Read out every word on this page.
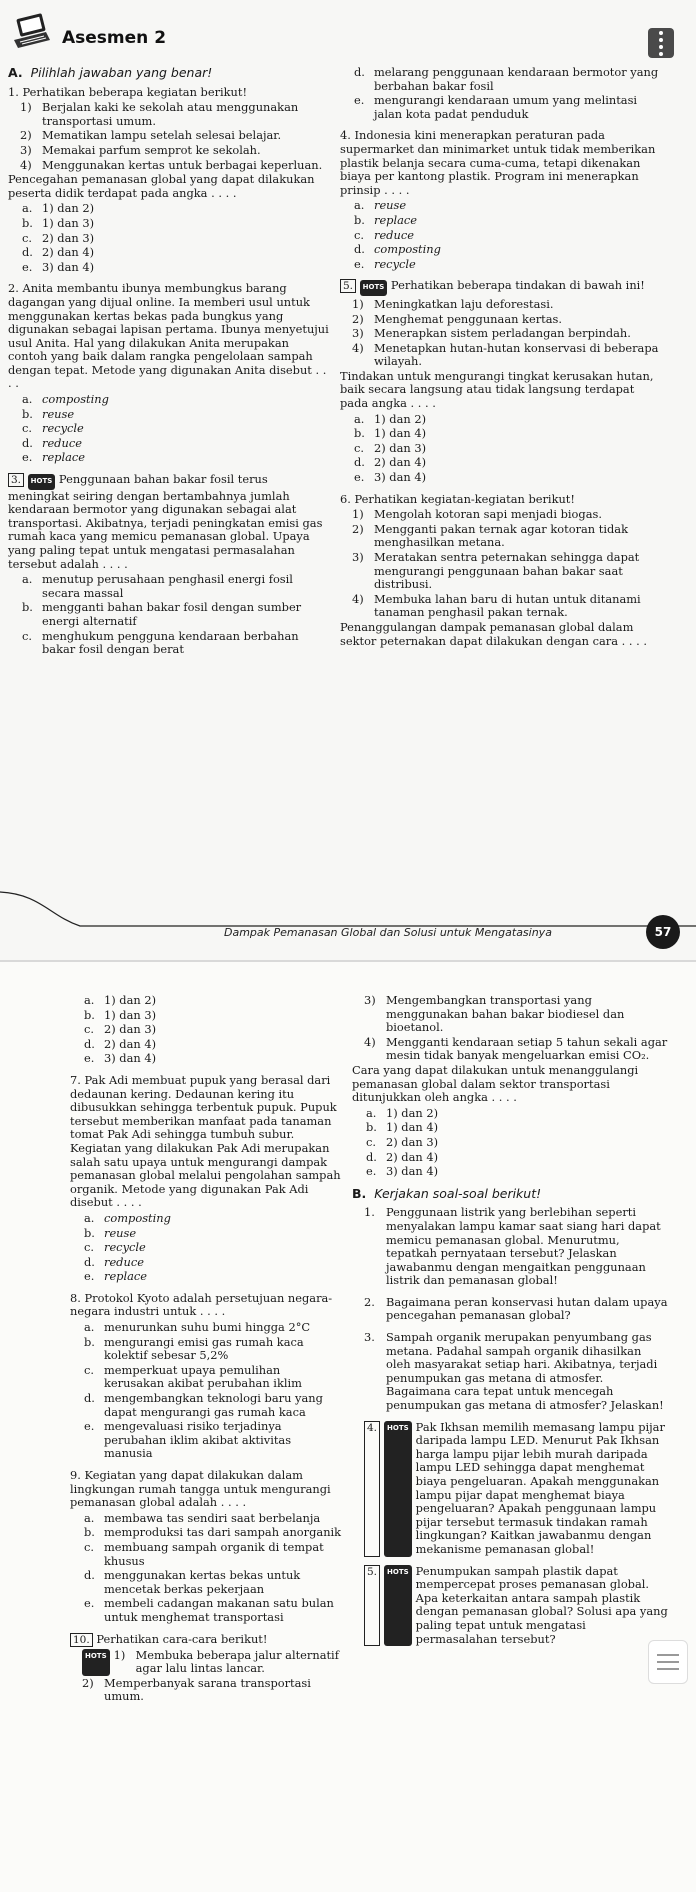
Asesmen 2
A. Pilihlah jawaban yang benar!

1. Perhatikan beberapa kegiatan berikut!

1) Berjalan kaki ke sekolah atau menggunakan transportasi umum.
2) Mematikan lampu setelah selesai belajar.
3) Memakai parfum semprot ke sekolah.
4) Menggunakan kertas untuk berbagai keperluan.

Pencegahan pemanasan global yang dapat dilakukan peserta didik terdapat pada angka . . . .

a. 1) dan 2)
b. 1) dan 3)
c. 2) dan 3)
d. 2) dan 4)
e. 3) dan 4)

2. Anita membantu ibunya membungkus barang dagangan yang dijual online. Ia memberi usul untuk menggunakan kertas bekas pada bungkus yang digunakan sebagai lapisan pertama. Ibunya menyetujui usul Anita. Hal yang dilakukan Anita merupakan contoh yang baik dalam rangka pengelolaan sampah dengan tepat. Metode yang digunakan Anita disebut . . . .

a. composting
b. reuse
c. recycle
d. reduce
e. replace

3. HOTS Penggunaan bahan bakar fosil terus meningkat seiring dengan bertambahnya jumlah kendaraan bermotor yang digunakan sebagai alat transportasi. Akibatnya, terjadi peningkatan emisi gas rumah kaca yang memicu pemanasan global. Upaya yang paling tepat untuk mengatasi permasalahan tersebut adalah . . . .

a. menutup perusahaan penghasil energi fosil secara massal
b. mengganti bahan bakar fosil dengan sumber energi alternatif
c. menghukum pengguna kendaraan berbahan bakar fosil dengan berat
d. melarang penggunaan kendaraan bermotor yang berbahan bakar fosil
e. mengurangi kendaraan umum yang melintasi jalan kota padat penduduk

4. Indonesia kini menerapkan peraturan pada supermarket dan minimarket untuk tidak memberikan plastik belanja secara cuma-cuma, tetapi dikenakan biaya per kantong plastik. Program ini menerapkan prinsip . . . .

a. reuse
b. replace
c. reduce
d. composting
e. recycle

5. HOTS Perhatikan beberapa tindakan di bawah ini!

1) Meningkatkan laju deforestasi.
2) Menghemat penggunaan kertas.
3) Menerapkan sistem perladangan berpindah.
4) Menetapkan hutan-hutan konservasi di beberapa wilayah.

Tindakan untuk mengurangi tingkat kerusakan hutan, baik secara langsung atau tidak langsung terdapat pada angka . . . .

a. 1) dan 2)
b. 1) dan 4)
c. 2) dan 3)
d. 2) dan 4)
e. 3) dan 4)

6. Perhatikan kegiatan-kegiatan berikut!

1) Mengolah kotoran sapi menjadi biogas.
2) Mengganti pakan ternak agar kotoran tidak menghasilkan metana.
3) Meratakan sentra peternakan sehingga dapat mengurangi penggunaan bahan bakar saat distribusi.
4) Membuka lahan baru di hutan untuk ditanami tanaman penghasil pakan ternak.

Penanggulangan dampak pemanasan global dalam sektor peternakan dapat dilakukan dengan cara . . . .

Dampak Pemanasan Global dan Solusi untuk Mengatasinya	57
a. 1) dan 2)
b. 1) dan 3)
c. 2) dan 3)
d. 2) dan 4)
e. 3) dan 4)

7. Pak Adi membuat pupuk yang berasal dari dedaunan kering. Dedaunan kering itu dibusukkan sehingga terbentuk pupuk. Pupuk tersebut memberikan manfaat pada tanaman tomat Pak Adi sehingga tumbuh subur. Kegiatan yang dilakukan Pak Adi merupakan salah satu upaya untuk mengurangi dampak pemanasan global melalui pengolahan sampah organik. Metode yang digunakan Pak Adi disebut . . . .

a. composting
b. reuse
c. recycle
d. reduce
e. replace

8. Protokol Kyoto adalah persetujuan negara-negara industri untuk . . . .

a. menurunkan suhu bumi hingga 2°C
b. mengurangi emisi gas rumah kaca kolektif sebesar 5,2%
c. memperkuat upaya pemulihan kerusakan akibat perubahan iklim
d. mengembangkan teknologi baru yang dapat mengurangi gas rumah kaca
e. mengevaluasi risiko terjadinya perubahan iklim akibat aktivitas manusia

9. Kegiatan yang dapat dilakukan dalam lingkungan rumah tangga untuk mengurangi pemanasan global adalah . . . .

a. membawa tas sendiri saat berbelanja
b. memproduksi tas dari sampah anorganik
c. membuang sampah organik di tempat khusus
d. menggunakan kertas bekas untuk mencetak berkas pekerjaan
e. membeli cadangan makanan satu bulan untuk menghemat transportasi

10. Perhatikan cara-cara berikut!

HOTS 1) Membuka beberapa jalur alternatif agar lalu lintas lancar.
2) Memperbanyak sarana transportasi umum.
3) Mengembangkan transportasi yang menggunakan bahan bakar biodiesel dan bioetanol.
4) Mengganti kendaraan setiap 5 tahun sekali agar mesin tidak banyak mengeluarkan emisi CO₂.

Cara yang dapat dilakukan untuk menanggulangi pemanasan global dalam sektor transportasi ditunjukkan oleh angka . . . .

a. 1) dan 2)
b. 1) dan 4)
c. 2) dan 3)
d. 2) dan 4)
e. 3) dan 4)
B. Kerjakan soal-soal berikut!
1. Penggunaan listrik yang berlebihan seperti menyalakan lampu kamar saat siang hari dapat memicu pemanasan global. Menurutmu, tepatkah pernyataan tersebut? Jelaskan jawabanmu dengan mengaitkan penggunaan listrik dan pemanasan global!
2. Bagaimana peran konservasi hutan dalam upaya pencegahan pemanasan global?
3. Sampah organik merupakan penyumbang gas metana. Padahal sampah organik dihasilkan oleh masyarakat setiap hari. Akibatnya, terjadi penumpukan gas metana di atmosfer. Bagaimana cara tepat untuk mencegah penumpukan gas metana di atmosfer? Jelaskan!
4.	HOTS Pak Ikhsan memilih memasang lampu pijar daripada lampu LED. Menurut Pak Ikhsan harga lampu pijar lebih murah daripada lampu LED sehingga dapat menghemat biaya pengeluaran. Apakah menggunakan lampu pijar dapat menghemat biaya pengeluaran? Apakah penggunaan lampu pijar tersebut termasuk tindakan ramah lingkungan? Kaitkan jawabanmu dengan mekanisme pemanasan global!
5.	HOTS Penumpukan sampah plastik dapat mempercepat proses pemanasan global. Apa keterkaitan antara sampah plastik dengan pemanasan global? Solusi apa yang paling tepat untuk mengatasi permasalahan tersebut?
